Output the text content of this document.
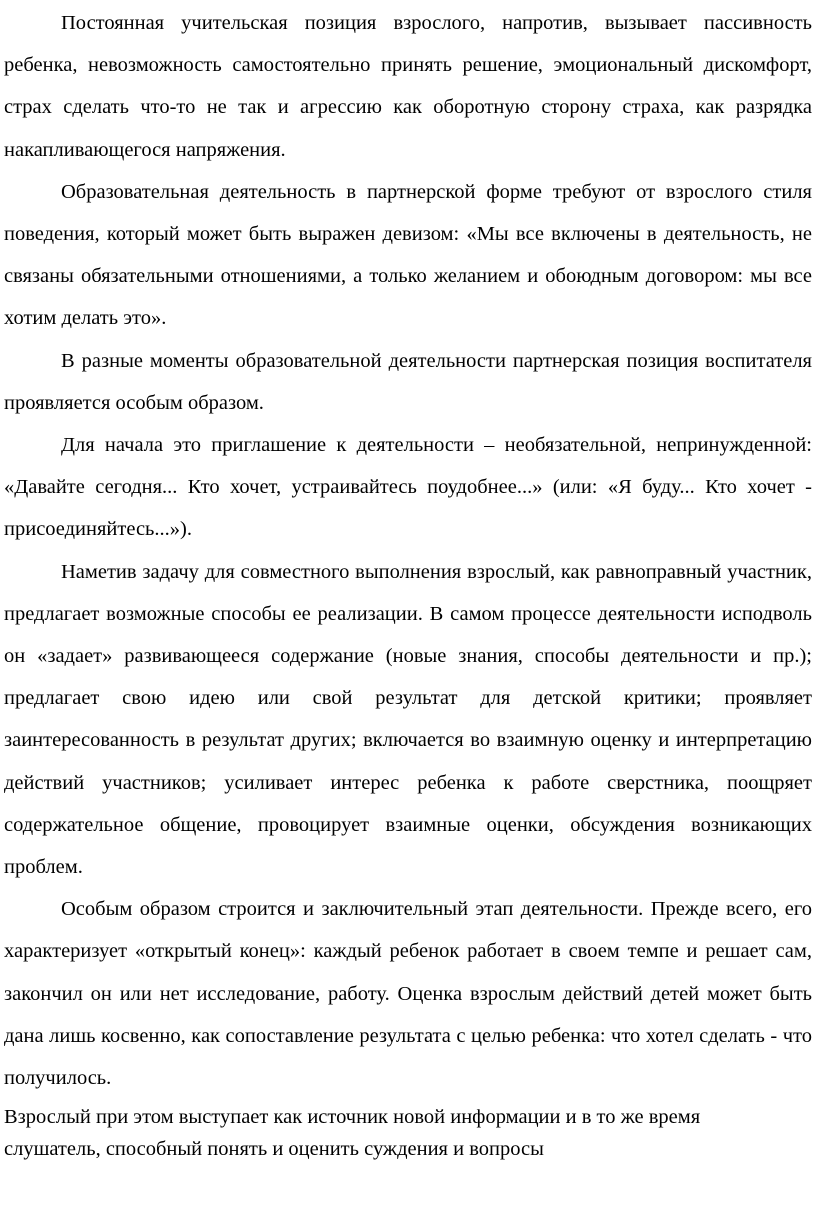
Постоянная учительская позиция взрослого, напротив, вызывает пассивность ребенка, невозможность самостоятельно принять решение, эмоциональный дискомфорт, страх сделать что-то не так и агрессию как оборотную сторону страха, как разрядка накапливающегося напряжения.

Образовательная деятельность в партнерской форме требуют от взрослого стиля поведения, который может быть выражен девизом: «Мы все включены в деятельность, не связаны обязательными отношениями, а только желанием и обоюдным договором: мы все хотим делать это».

В разные моменты образовательной деятельности партнерская позиция воспитателя проявляется особым образом.

Для начала это приглашение к деятельности – необязательной, непринужденной: «Давайте сегодня... Кто хочет, устраивайтесь поудобнее...» (или: «Я буду... Кто хочет - присоединяйтесь...»).

Наметив задачу для совместного выполнения взрослый, как равноправный участник, предлагает возможные способы ее реализации. В самом процессе деятельности исподволь он «задает» развивающееся содержание (новые знания, способы деятельности и пр.); предлагает свою идею или свой результат для детской критики; проявляет заинтересованность в результат других; включается во взаимную оценку и интерпретацию действий участников; усиливает интерес ребенка к работе сверстника, поощряет содержательное общение, провоцирует взаимные оценки, обсуждения возникающих проблем.

Особым образом строится и заключительный этап деятельности. Прежде всего, его характеризует «открытый конец»: каждый ребенок работает в своем темпе и решает сам, закончил он или нет исследование, работу. Оценка взрослым действий детей может быть дана лишь косвенно, как сопоставление результата с целью ребенка: что хотел сделать - что получилось.

Взрослый при этом выступает как источник новой информации и в то же время слушатель, способный понять и оценить суждения и вопросы
